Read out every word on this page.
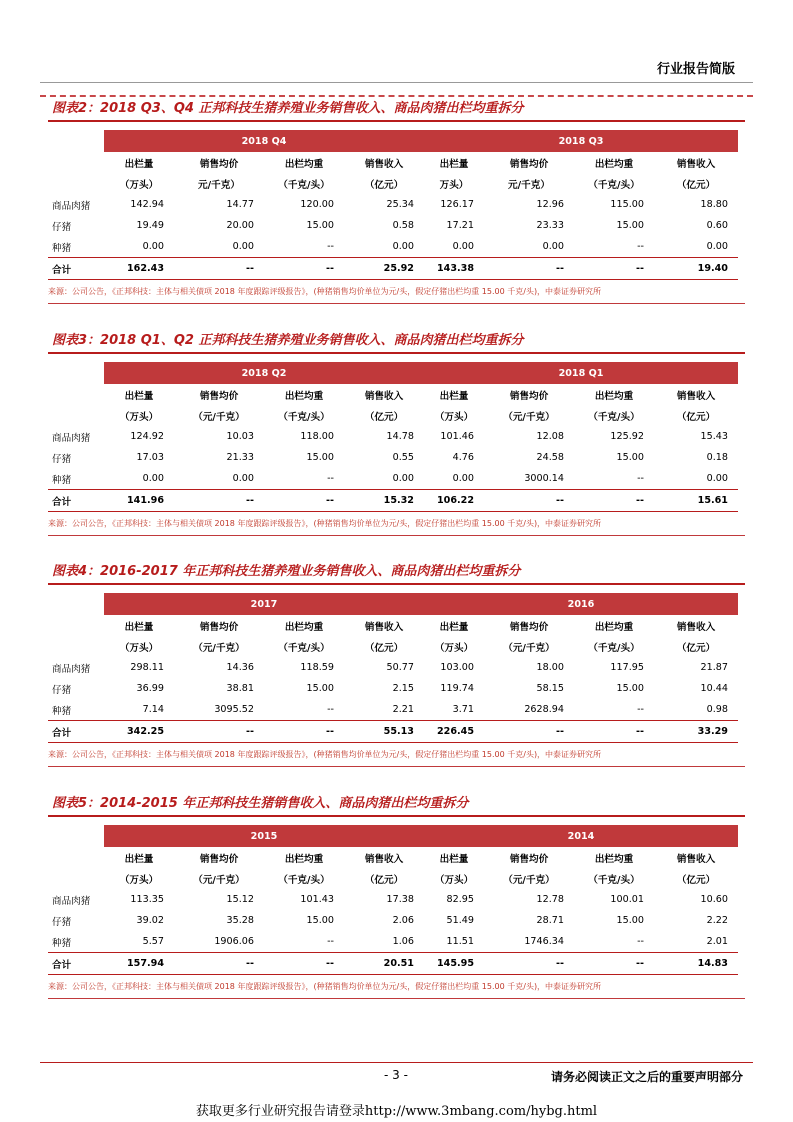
行业报告简版
图表2：2018 Q3、Q4 正邦科技生猪养殖业务销售收入、商品肉猪出栏均重拆分
	2018 Q4				2018 Q3			
	出栏量	销售均价	出栏均重	销售收入	出栏量	销售均价	出栏均重	销售收入
	（万头）	元/千克）	（千克/头）	（亿元）	万头）	元/千克）	（千克/头）	（亿元）
商品肉猪	142.94	14.77	120.00	25.34	126.17	12.96	115.00	18.80
仔猪	19.49	20.00	15.00	0.58	17.21	23.33	15.00	0.60
种猪	0.00	0.00	--	0.00	0.00	0.00	--	0.00
合计	162.43	--	--	25.92	143.38	--	--	19.40
来源：公司公告，《正邦科技：主体与相关债项 2018 年度跟踪评级报告》，(种猪销售均价单位为元/头，假定仔猪出栏均重 15.00 千克/头)，中泰证券研究所
图表3：2018 Q1、Q2 正邦科技生猪养殖业务销售收入、商品肉猪出栏均重拆分
	2018 Q2				2018 Q1			
	出栏量	销售均价	出栏均重	销售收入	出栏量	销售均价	出栏均重	销售收入
	（万头）	（元/千克）	（千克/头）	（亿元）	（万头）	（元/千克）	（千克/头）	（亿元）
商品肉猪	124.92	10.03	118.00	14.78	101.46	12.08	125.92	15.43
仔猪	17.03	21.33	15.00	0.55	4.76	24.58	15.00	0.18
种猪	0.00	0.00	--	0.00	0.00	3000.14	--	0.00
合计	141.96	--	--	15.32	106.22	--	--	15.61
来源：公司公告，《正邦科技：主体与相关债项 2018 年度跟踪评级报告》，(种猪销售均价单位为元/头，假定仔猪出栏均重 15.00 千克/头)，中泰证券研究所
图表4：2016-2017 年正邦科技生猪养殖业务销售收入、商品肉猪出栏均重拆分
	2017				2016			
	出栏量	销售均价	出栏均重	销售收入	出栏量	销售均价	出栏均重	销售收入
	（万头）	（元/千克）	（千克/头）	（亿元）	（万头）	（元/千克）	（千克/头）	（亿元）
商品肉猪	298.11	14.36	118.59	50.77	103.00	18.00	117.95	21.87
仔猪	36.99	38.81	15.00	2.15	119.74	58.15	15.00	10.44
种猪	7.14	3095.52	--	2.21	3.71	2628.94	--	0.98
合计	342.25	--	--	55.13	226.45	--	--	33.29
来源：公司公告，《正邦科技：主体与相关债项 2018 年度跟踪评级报告》，(种猪销售均价单位为元/头，假定仔猪出栏均重 15.00 千克/头)，中泰证券研究所
图表5：2014-2015 年正邦科技生猪销售收入、商品肉猪出栏均重拆分
	2015				2014			
	出栏量	销售均价	出栏均重	销售收入	出栏量	销售均价	出栏均重	销售收入
	（万头）	（元/千克）	（千克/头）	（亿元）	（万头）	（元/千克）	（千克/头）	（亿元）
商品肉猪	113.35	15.12	101.43	17.38	82.95	12.78	100.01	10.60
仔猪	39.02	35.28	15.00	2.06	51.49	28.71	15.00	2.22
种猪	5.57	1906.06	--	1.06	11.51	1746.34	--	2.01
合计	157.94	--	--	20.51	145.95	--	--	14.83
来源：公司公告，《正邦科技：主体与相关债项 2018 年度跟踪评级报告》，(种猪销售均价单位为元/头，假定仔猪出栏均重 15.00 千克/头)，中泰证券研究所
- 3 -	请务必阅读正文之后的重要声明部分
获取更多行业研究报告请登录http://www.3mbang.com/hybg.html
